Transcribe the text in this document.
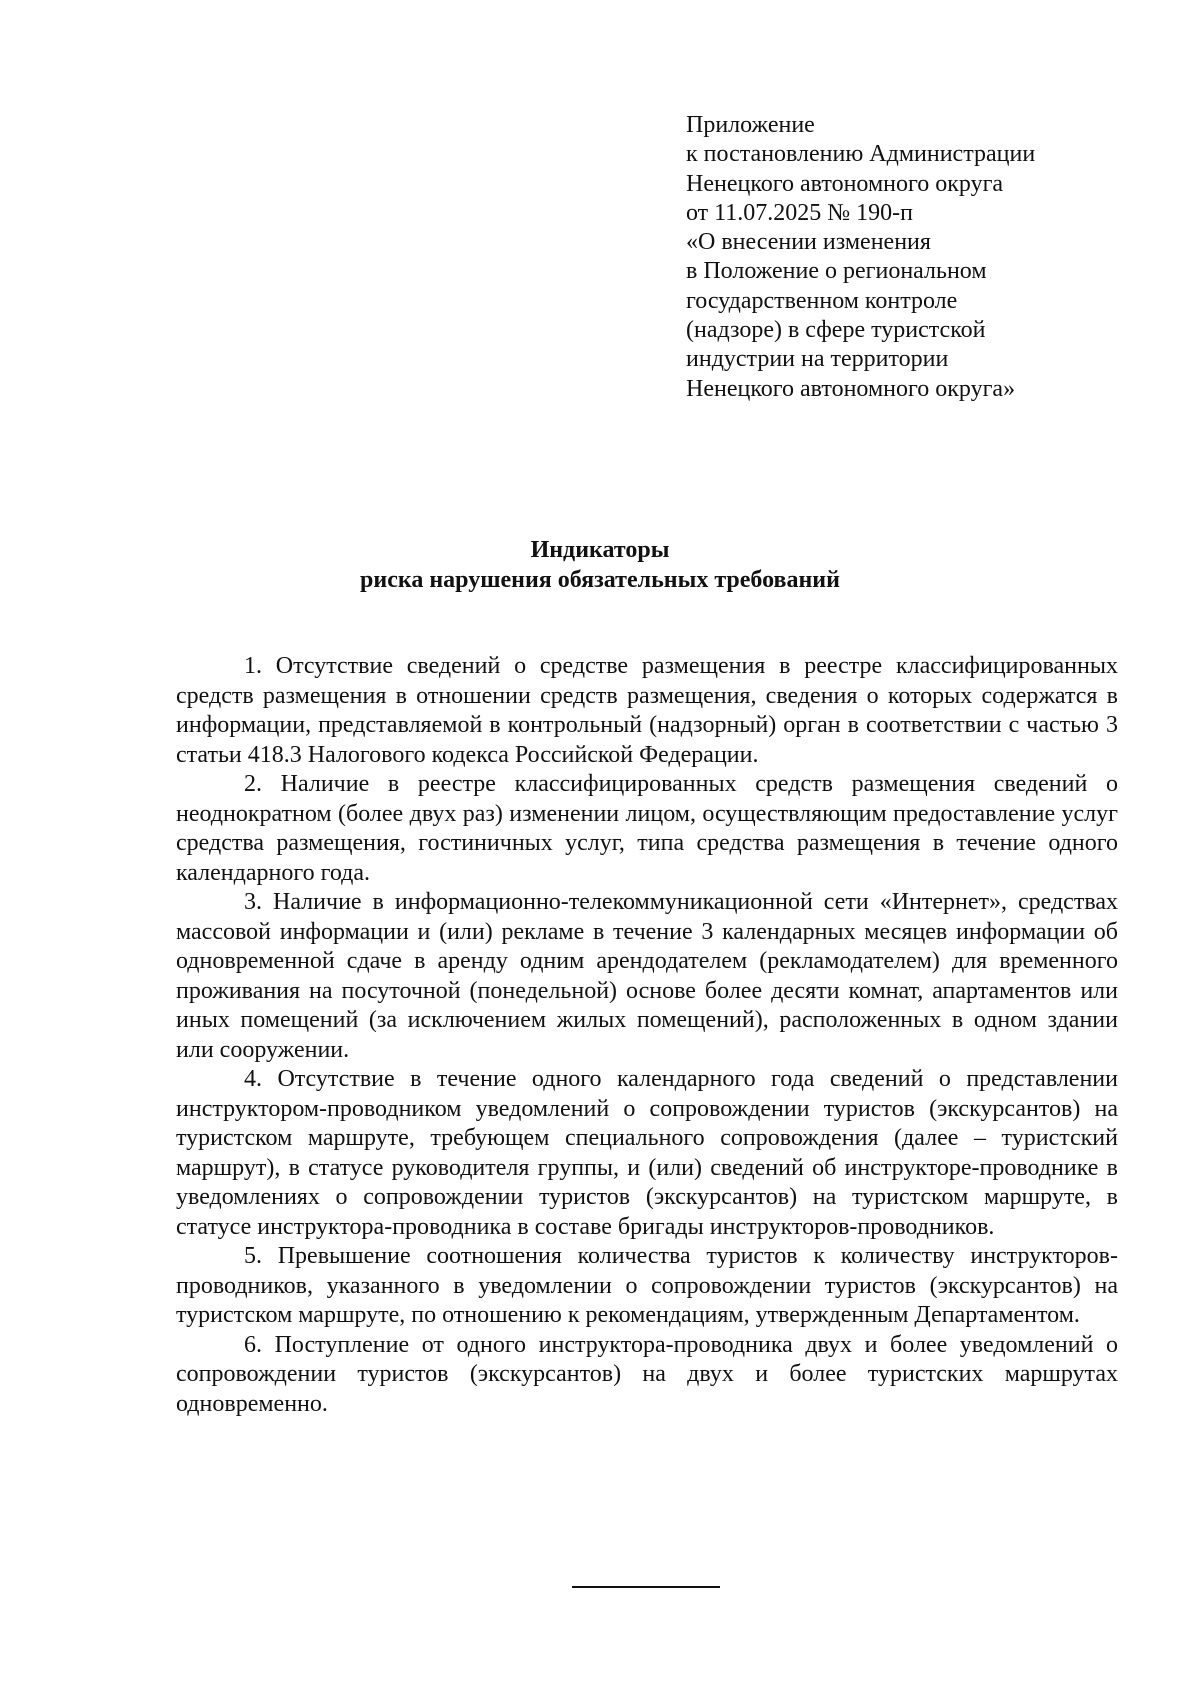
Приложение
к постановлению Администрации
Ненецкого автономного округа
от 11.07.2025 № 190-п
«О внесении изменения
в Положение о региональном
государственном контроле
(надзоре) в сфере туристской
индустрии на территории
Ненецкого автономного округа»
Индикаторы
риска нарушения обязательных требований

1. Отсутствие сведений о средстве размещения в реестре классифицированных средств размещения в отношении средств размещения, сведения о которых содержатся в информации, представляемой в контрольный (надзорный) орган в соответствии с частью 3 статьи 418.3 Налогового кодекса Российской Федерации.

2. Наличие в реестре классифицированных средств размещения сведений о неоднократном (более двух раз) изменении лицом, осуществляющим предоставление услуг средства размещения, гостиничных услуг, типа средства размещения в течение одного календарного года.

3. Наличие в информационно-телекоммуникационной сети «Интернет», средствах массовой информации и (или) рекламе в течение 3 календарных месяцев информации об одновременной сдаче в аренду одним арендодателем (рекламодателем) для временного проживания на посуточной (понедельной) основе более десяти комнат, апартаментов или иных помещений (за исключением жилых помещений), расположенных в одном здании или сооружении.

4. Отсутствие в течение одного календарного года сведений о представлении инструктором-проводником уведомлений о сопровождении туристов (экскурсантов) на туристском маршруте, требующем специального сопровождения (далее – туристский маршрут), в статусе руководителя группы, и (или) сведений об инструкторе-проводнике в уведомлениях о сопровождении туристов (экскурсантов) на туристском маршруте, в статусе инструктора-проводника в составе бригады инструкторов-проводников.

5. Превышение соотношения количества туристов к количеству инструкторов-проводников, указанного в уведомлении о сопровождении туристов (экскурсантов) на туристском маршруте, по отношению к рекомендациям, утвержденным Департаментом.

6. Поступление от одного инструктора-проводника двух и более уведомлений о сопровождении туристов (экскурсантов) на двух и более туристских маршрутах одновременно.
